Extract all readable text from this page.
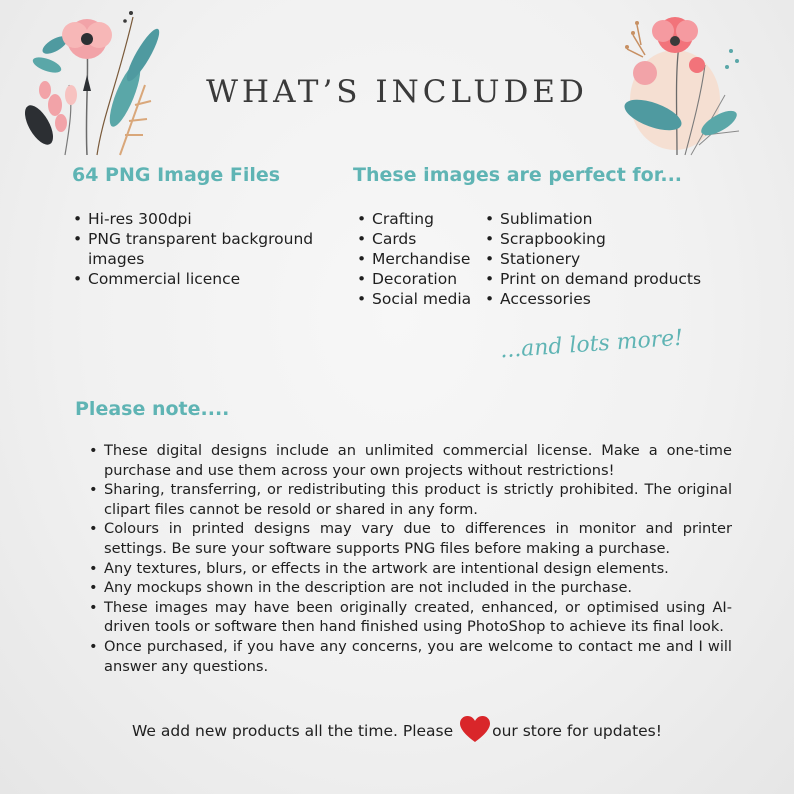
WHAT’S INCLUDED
64 PNG Image Files
• Hi-res 300dpi
• PNG transparent background images
• Commercial licence
These images are perfect for...
• Crafting
• Cards
• Merchandise
• Decoration
• Social media
• Sublimation
• Scrapbooking
• Stationery
• Print on demand products
• Accessories
...and lots more!
Please note....
• These digital designs include an unlimited commercial license. Make a one-time purchase and use them across your own projects without restrictions!
• Sharing, transferring, or redistributing this product is strictly prohibited. The original clipart files cannot be resold or shared in any form.
• Colours in printed designs may vary due to differences in monitor and printer settings. Be sure your software supports PNG files before making a purchase.
• Any textures, blurs, or effects in the artwork are intentional design elements.
• Any mockups shown in the description are not included in the purchase.
• These images may have been originally created, enhanced, or optimised using AI-driven tools or software then hand finished using PhotoShop to achieve its final look.
• Once purchased, if you have any concerns, you are welcome to contact me and I will answer any questions.
We add new products all the time. Please our store for updates!
